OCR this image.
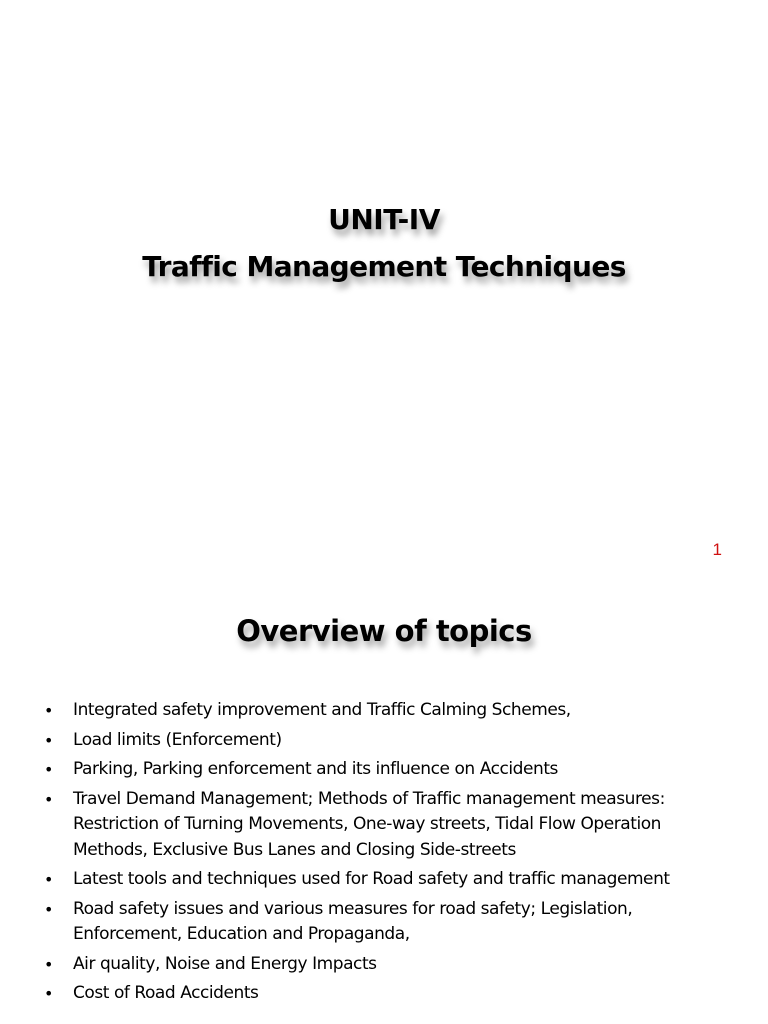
UNIT-IV
Traffic Management Techniques
1
Overview of topics
• Integrated safety improvement and Traffic Calming Schemes,
• Load limits (Enforcement)
• Parking, Parking enforcement and its influence on Accidents
• Travel Demand Management; Methods of Traffic management measures:
Restriction of Turning Movements, One-way streets, Tidal Flow Operation
Methods, Exclusive Bus Lanes and Closing Side-streets
• Latest tools and techniques used for Road safety and traffic management
• Road safety issues and various measures for road safety; Legislation,
Enforcement, Education and Propaganda,
• Air quality, Noise and Energy Impacts
• Cost of Road Accidents
